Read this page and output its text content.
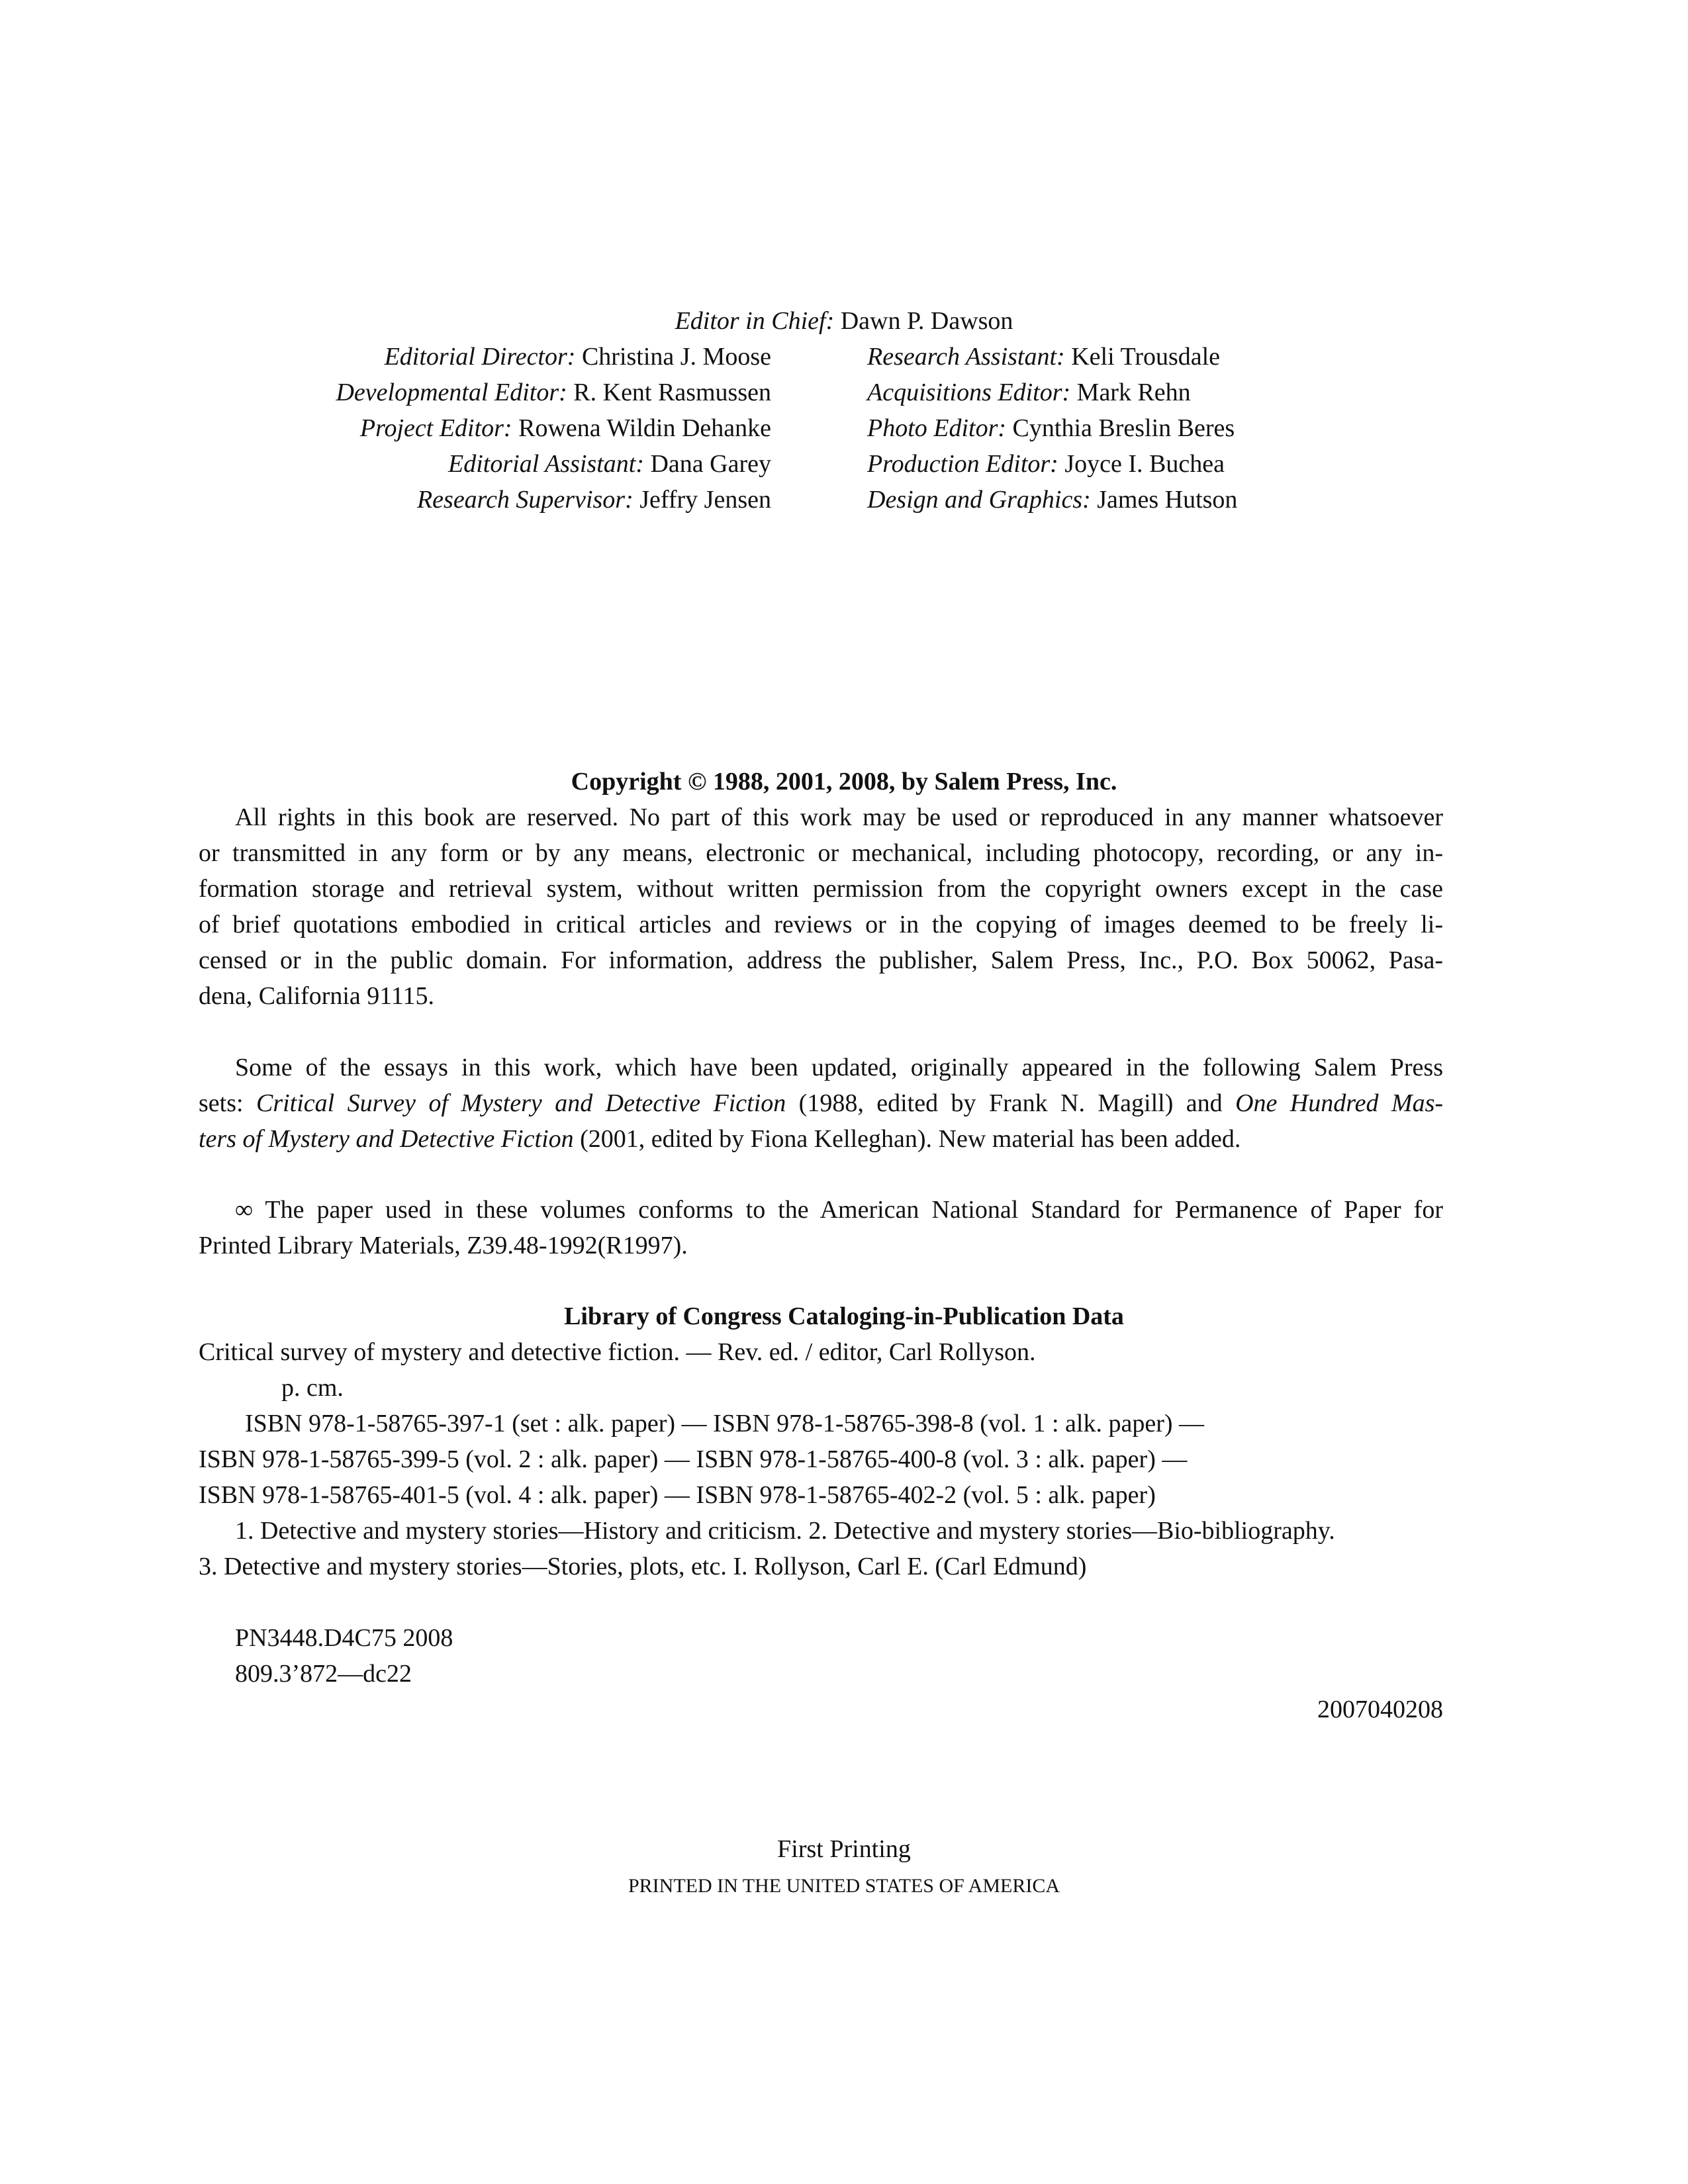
Editor in Chief: Dawn P. Dawson
Editorial Director: Christina J. Moose
Developmental Editor: R. Kent Rasmussen
Project Editor: Rowena Wildin Dehanke
Editorial Assistant: Dana Garey
Research Supervisor: Jeffry Jensen
Research Assistant: Keli Trousdale
Acquisitions Editor: Mark Rehn
Photo Editor: Cynthia Breslin Beres
Production Editor: Joyce I. Buchea
Design and Graphics: James Hutson
Copyright © 1988, 2001, 2008, by Salem Press, Inc.
All rights in this book are reserved. No part of this work may be used or reproduced in any manner whatsoever
or transmitted in any form or by any means, electronic or mechanical, including photocopy, recording, or any in-
formation storage and retrieval system, without written permission from the copyright owners except in the case
of brief quotations embodied in critical articles and reviews or in the copying of images deemed to be freely li-
censed or in the public domain. For information, address the publisher, Salem Press, Inc., P.O. Box 50062, Pasa-
dena, California 91115.
Some of the essays in this work, which have been updated, originally appeared in the following Salem Press
sets: Critical Survey of Mystery and Detective Fiction (1988, edited by Frank N. Magill) and One Hundred Mas-
ters of Mystery and Detective Fiction (2001, edited by Fiona Kelleghan). New material has been added.
∞ The paper used in these volumes conforms to the American National Standard for Permanence of Paper for
Printed Library Materials, Z39.48-1992(R1997).
Library of Congress Cataloging-in-Publication Data
Critical survey of mystery and detective fiction. — Rev. ed. / editor, Carl Rollyson.
p. cm.
ISBN 978-1-58765-397-1 (set : alk. paper) — ISBN 978-1-58765-398-8 (vol. 1 : alk. paper) —
ISBN 978-1-58765-399-5 (vol. 2 : alk. paper) — ISBN 978-1-58765-400-8 (vol. 3 : alk. paper) —
ISBN 978-1-58765-401-5 (vol. 4 : alk. paper) — ISBN 978-1-58765-402-2 (vol. 5 : alk. paper)
1. Detective and mystery stories—History and criticism. 2. Detective and mystery stories—Bio-bibliography.
3. Detective and mystery stories—Stories, plots, etc. I. Rollyson, Carl E. (Carl Edmund)
PN3448.D4C75 2008
809.3’872—dc22
2007040208
First Printing
PRINTED IN THE UNITED STATES OF AMERICA
